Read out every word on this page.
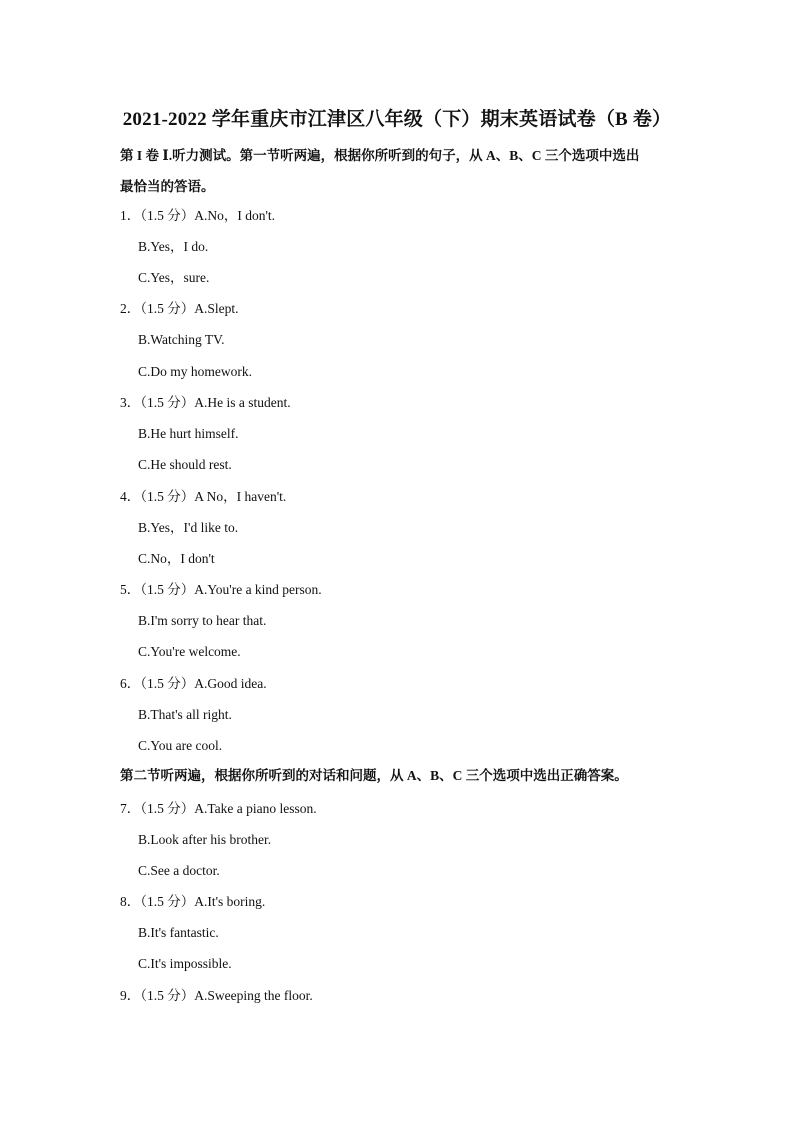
2021-2022 学年重庆市江津区八年级（下）期末英语试卷（B 卷）
第 I 卷 Ⅰ.听力测试。第一节听两遍，根据你所听到的句子，从 A、B、C 三个选项中选出
最恰当的答语。
1．（1.5 分）A.No，I don't.
B.Yes，I do.
C.Yes，sure.
2．（1.5 分）A.Slept.
B.Watching TV.
C.Do my homework.
3．（1.5 分）A.He is a student.
B.He hurt himself.
C.He should rest.
4．（1.5 分）A No，I haven't.
B.Yes，I'd like to.
C.No，I don't
5．（1.5 分）A.You're a kind person.
B.I'm sorry to hear that.
C.You're welcome.
6．（1.5 分）A.Good idea.
B.That's all right.
C.You are cool.
第二节听两遍，根据你所听到的对话和问题，从 A、B、C 三个选项中选出正确答案。
7．（1.5 分）A.Take a piano lesson.
B.Look after his brother.
C.See a doctor.
8．（1.5 分）A.It's boring.
B.It's fantastic.
C.It's impossible.
9．（1.5 分）A.Sweeping the floor.
